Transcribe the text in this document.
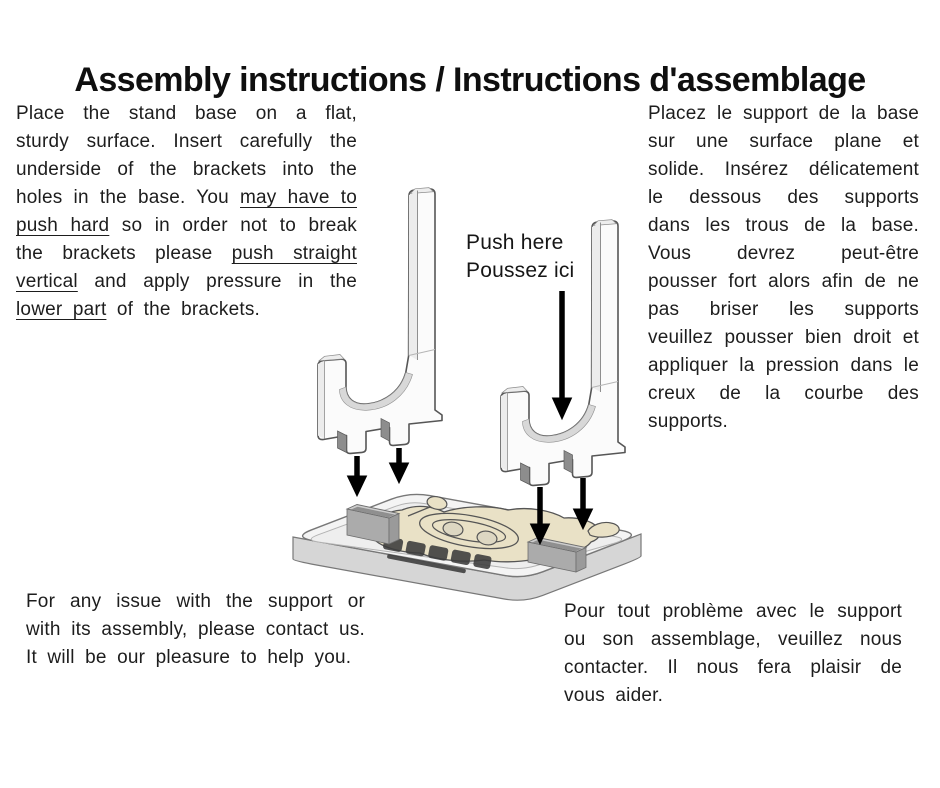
Assembly instructions / Instructions d'assemblage
Place the stand base on a flat, sturdy surface. Insert carefully the underside of the brackets into the holes in the base. You may have to push hard so in order not to break the brackets please push straight vertical and apply pressure in the lower part of the brackets.
Placez le support de la base sur une surface plane et solide. Insérez délicatement le dessous des supports dans les trous de la base. Vous devrez peut-être pousser fort alors afin de ne pas briser les supports veuillez pousser bien droit et appliquer la pression dans le creux de la courbe des supports.
Push here
Poussez ici
For any issue with the support or with its assembly, please contact us. It will be our pleasure to help you.
Pour tout problème avec le support ou son assemblage, veuillez nous contacter. Il nous fera plaisir de vous aider.
